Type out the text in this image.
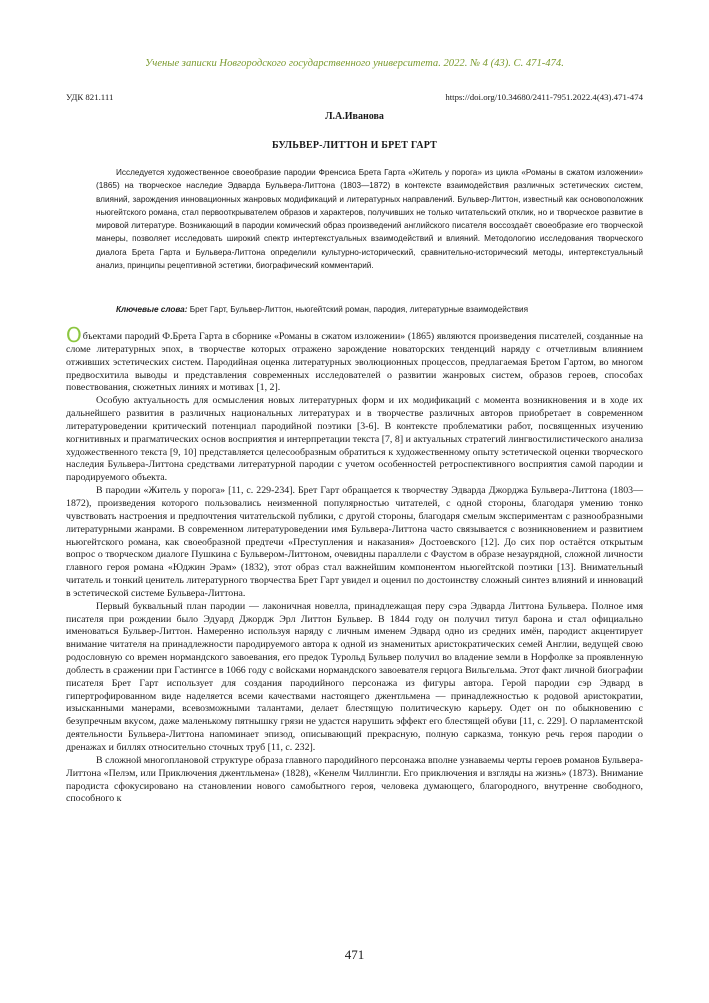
Ученые записки Новгородского государственного университета. 2022. № 4 (43). С. 471-474.
УДК 821.111	https://doi.org/10.34680/2411-7951.2022.4(43).471-474
Л.А.Иванова
БУЛЬВЕР-ЛИТТОН И БРЕТ ГАРТ

Исследуется художественное своеобразие пародии Френсиса Брета Гарта «Житель у порога» из цикла «Романы в сжатом изложении» (1865) на творческое наследие Эдварда Бульвера-Литтона (1803—1872) в контексте взаимодействия различных эстетических систем, влияний, зарождения инновационных жанровых модификаций и литературных направлений. Бульвер-Литтон, известный как основоположник ньюгейтского романа, стал первооткрывателем образов и характеров, получивших не только читательский отклик, но и творческое развитие в мировой литературе. Возникающий в пародии комический образ произведений английского писателя воссоздаёт своеобразие его творческой манеры, позволяет исследовать широкий спектр интертекстуальных взаимодействий и влияний. Методологию исследования творческого диалога Брета Гарта и Бульвера-Литтона определили культурно-исторический, сравнительно-исторический методы, интертекстуальный анализ, принципы рецептивной эстетики, биографический комментарий.

Ключевые слова: Брет Гарт, Бульвер-Литтон, ньюгейтский роман, пародия, литературные взаимодействия

Объектами пародий Ф.Брета Гарта в сборнике «Романы в сжатом изложении» (1865) являются произведения писателей, созданные на сломе литературных эпох, в творчестве которых отражено зарождение новаторских тенденций наряду с отчетливым влиянием отживших эстетических систем. Пародийная оценка литературных эволюционных процессов, предлагаемая Бретом Гартом, во многом предвосхитила выводы и представления современных исследователей о развитии жанровых систем, образов героев, способах повествования, сюжетных линиях и мотивах [1, 2].

Особую актуальность для осмысления новых литературных форм и их модификаций с момента возникновения и в ходе их дальнейшего развития в различных национальных литературах и в творчестве различных авторов приобретает в современном литературоведении критический потенциал пародийной поэтики [3-6]. В контексте проблематики работ, посвященных изучению когнитивных и прагматических основ восприятия и интерпретации текста [7, 8] и актуальных стратегий лингвостилистического анализа художественного текста [9, 10] представляется целесообразным обратиться к художественному опыту эстетической оценки творческого наследия Бульвера-Литтона средствами литературной пародии с учетом особенностей ретроспективного восприятия самой пародии и пародируемого объекта.

В пародии «Житель у порога» [11, с. 229-234]. Брет Гарт обращается к творчеству Эдварда Джорджа Бульвера-Литтона (1803—1872), произведения которого пользовались неизменной популярностью читателей, с одной стороны, благодаря умению тонко чувствовать настроения и предпочтения читательской публики, с другой стороны, благодаря смелым экспериментам с разнообразными литературными жанрами. В современном литературоведении имя Бульвера-Литтона часто связывается с возникновением и развитием ньюгейтского романа, как своеобразной предтечи «Преступления и наказания» Достоевского [12]. До сих пор остаётся открытым вопрос о творческом диалоге Пушкина с Бульвером-Литтоном, очевидны параллели с Фаустом в образе незаурядной, сложной личности главного героя романа «Юджин Эрам» (1832), этот образ стал важнейшим компонентом ньюгейтской поэтики [13]. Внимательный читатель и тонкий ценитель литературного творчества Брет Гарт увидел и оценил по достоинству сложный синтез влияний и инноваций в эстетической системе Бульвера-Литтона.

Первый буквальный план пародии — лаконичная новелла, принадлежащая перу сэра Эдварда Литтона Бульвера. Полное имя писателя при рождении было Эдуард Джордж Эрл Литтон Бульвер. В 1844 году он получил титул барона и стал официально именоваться Бульвер-Литтон. Намеренно используя наряду с личным именем Эдвард одно из средних имён, пародист акцентирует внимание читателя на принадлежности пародируемого автора к одной из знаменитых аристократических семей Англии, ведущей свою родословную со времен нормандского завоевания, его предок Турольд Бульвер получил во владение земли в Норфолке за проявленную доблесть в сражении при Гастингсе в 1066 году с войсками нормандского завоевателя герцога Вильгельма. Этот факт личной биографии писателя Брет Гарт использует для создания пародийного персонажа из фигуры автора. Герой пародии сэр Эдвард в гипертрофированном виде наделяется всеми качествами настоящего джентльмена — принадлежностью к родовой аристократии, изысканными манерами, всевозможными талантами, делает блестящую политическую карьеру. Одет он по обыкновению с безупречным вкусом, даже маленькому пятнышку грязи не удастся нарушить эффект его блестящей обуви [11, с. 229]. О парламентской деятельности Бульвера-Литтона напоминает эпизод, описывающий прекрасную, полную сарказма, тонкую речь героя пародии о дренажах и биллях относительно сточных труб [11, с. 232].

В сложной многоплановой структуре образа главного пародийного персонажа вполне узнаваемы черты героев романов Бульвера-Литтона «Пелэм, или Приключения джентльмена» (1828), «Кенелм Чиллингли. Его приключения и взгляды на жизнь» (1873). Внимание пародиста сфокусировано на становлении нового самобытного героя, человека думающего, благородного, внутренне свободного, способного к

471
